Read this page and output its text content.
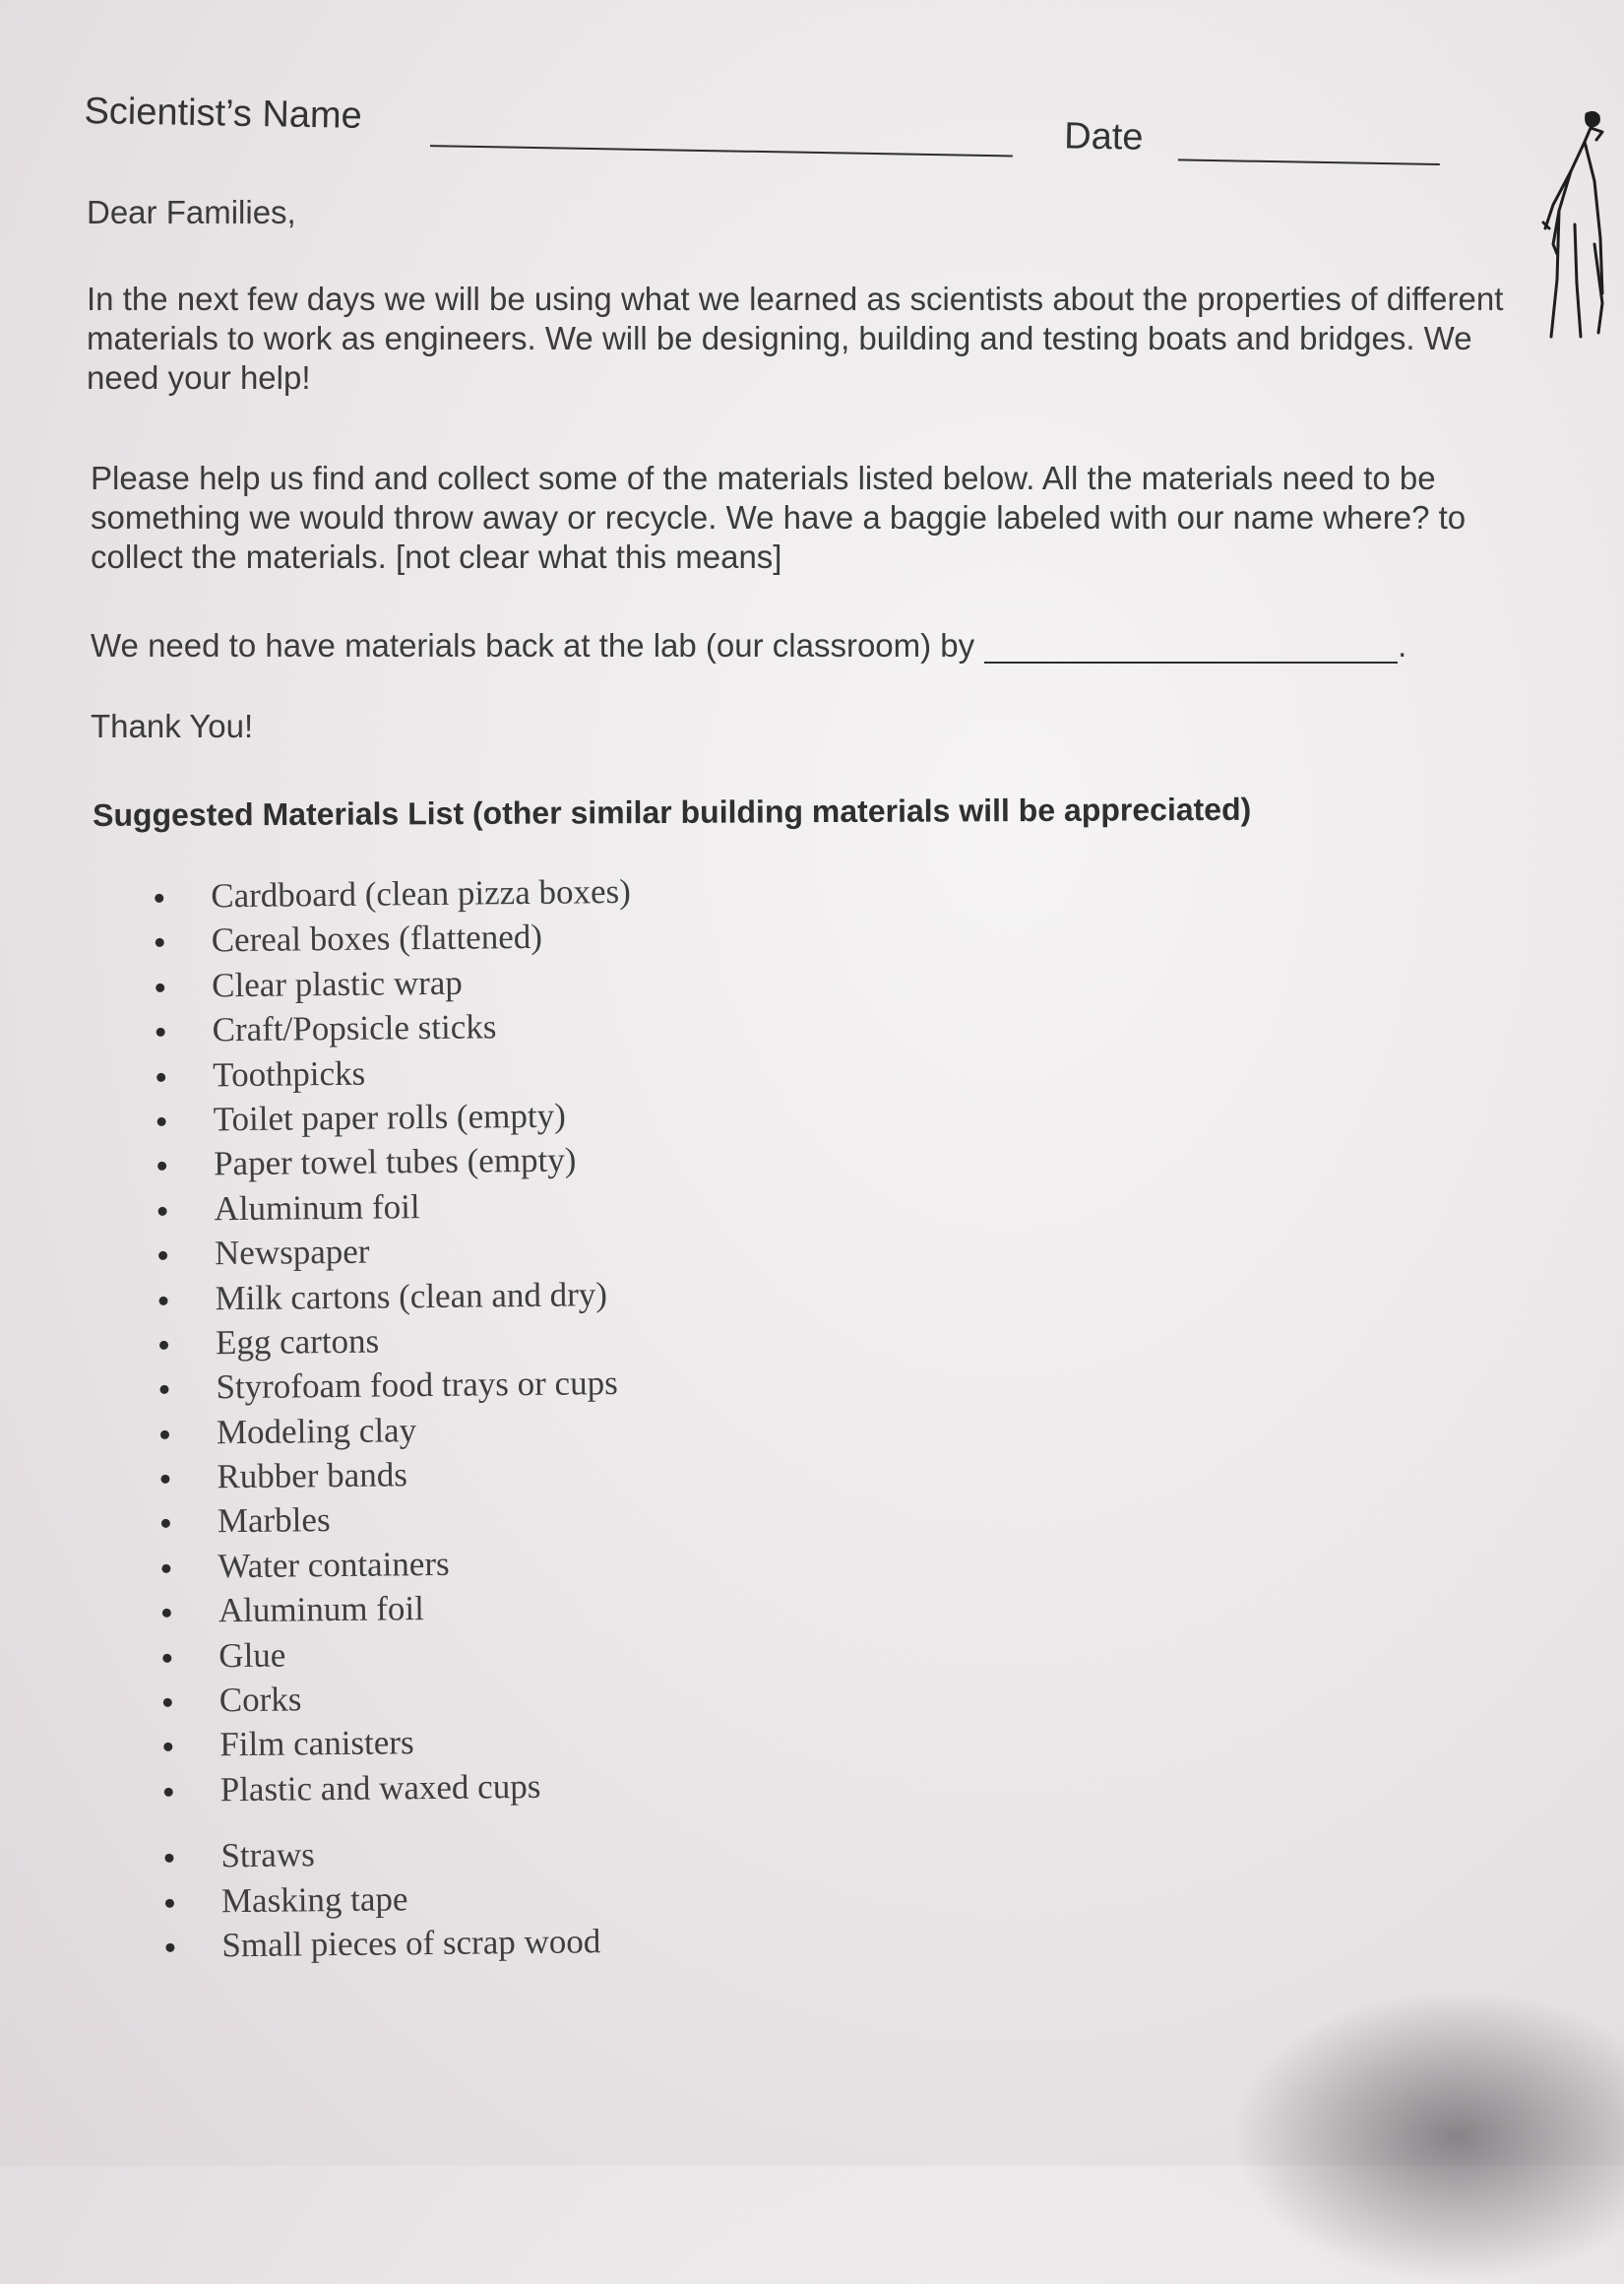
Scientist’s Name
Date

Dear Families,

In the next few days we will be using what we learned as scientists about the properties of different materials to work as engineers. We will be designing, building and testing boats and bridges. We need your help!

Please help us find and collect some of the materials listed below. All the materials need to be something we would throw away or recycle. We have a baggie labeled with our name where? to collect the materials. [not clear what this means]

We need to have materials back at the lab (our classroom) by	.

Thank You!

Suggested Materials List (other similar building materials will be appreciated)
Cardboard (clean pizza boxes)
Cereal boxes (flattened)
Clear plastic wrap
Craft/Popsicle sticks
Toothpicks
Toilet paper rolls (empty)
Paper towel tubes (empty)
Aluminum foil
Newspaper
Milk cartons (clean and dry)
Egg cartons
Styrofoam food trays or cups
Modeling clay
Rubber bands
Marbles
Water containers
Aluminum foil
Glue
Corks
Film canisters
Plastic and waxed cups
Straws
Masking tape
Small pieces of scrap wood
